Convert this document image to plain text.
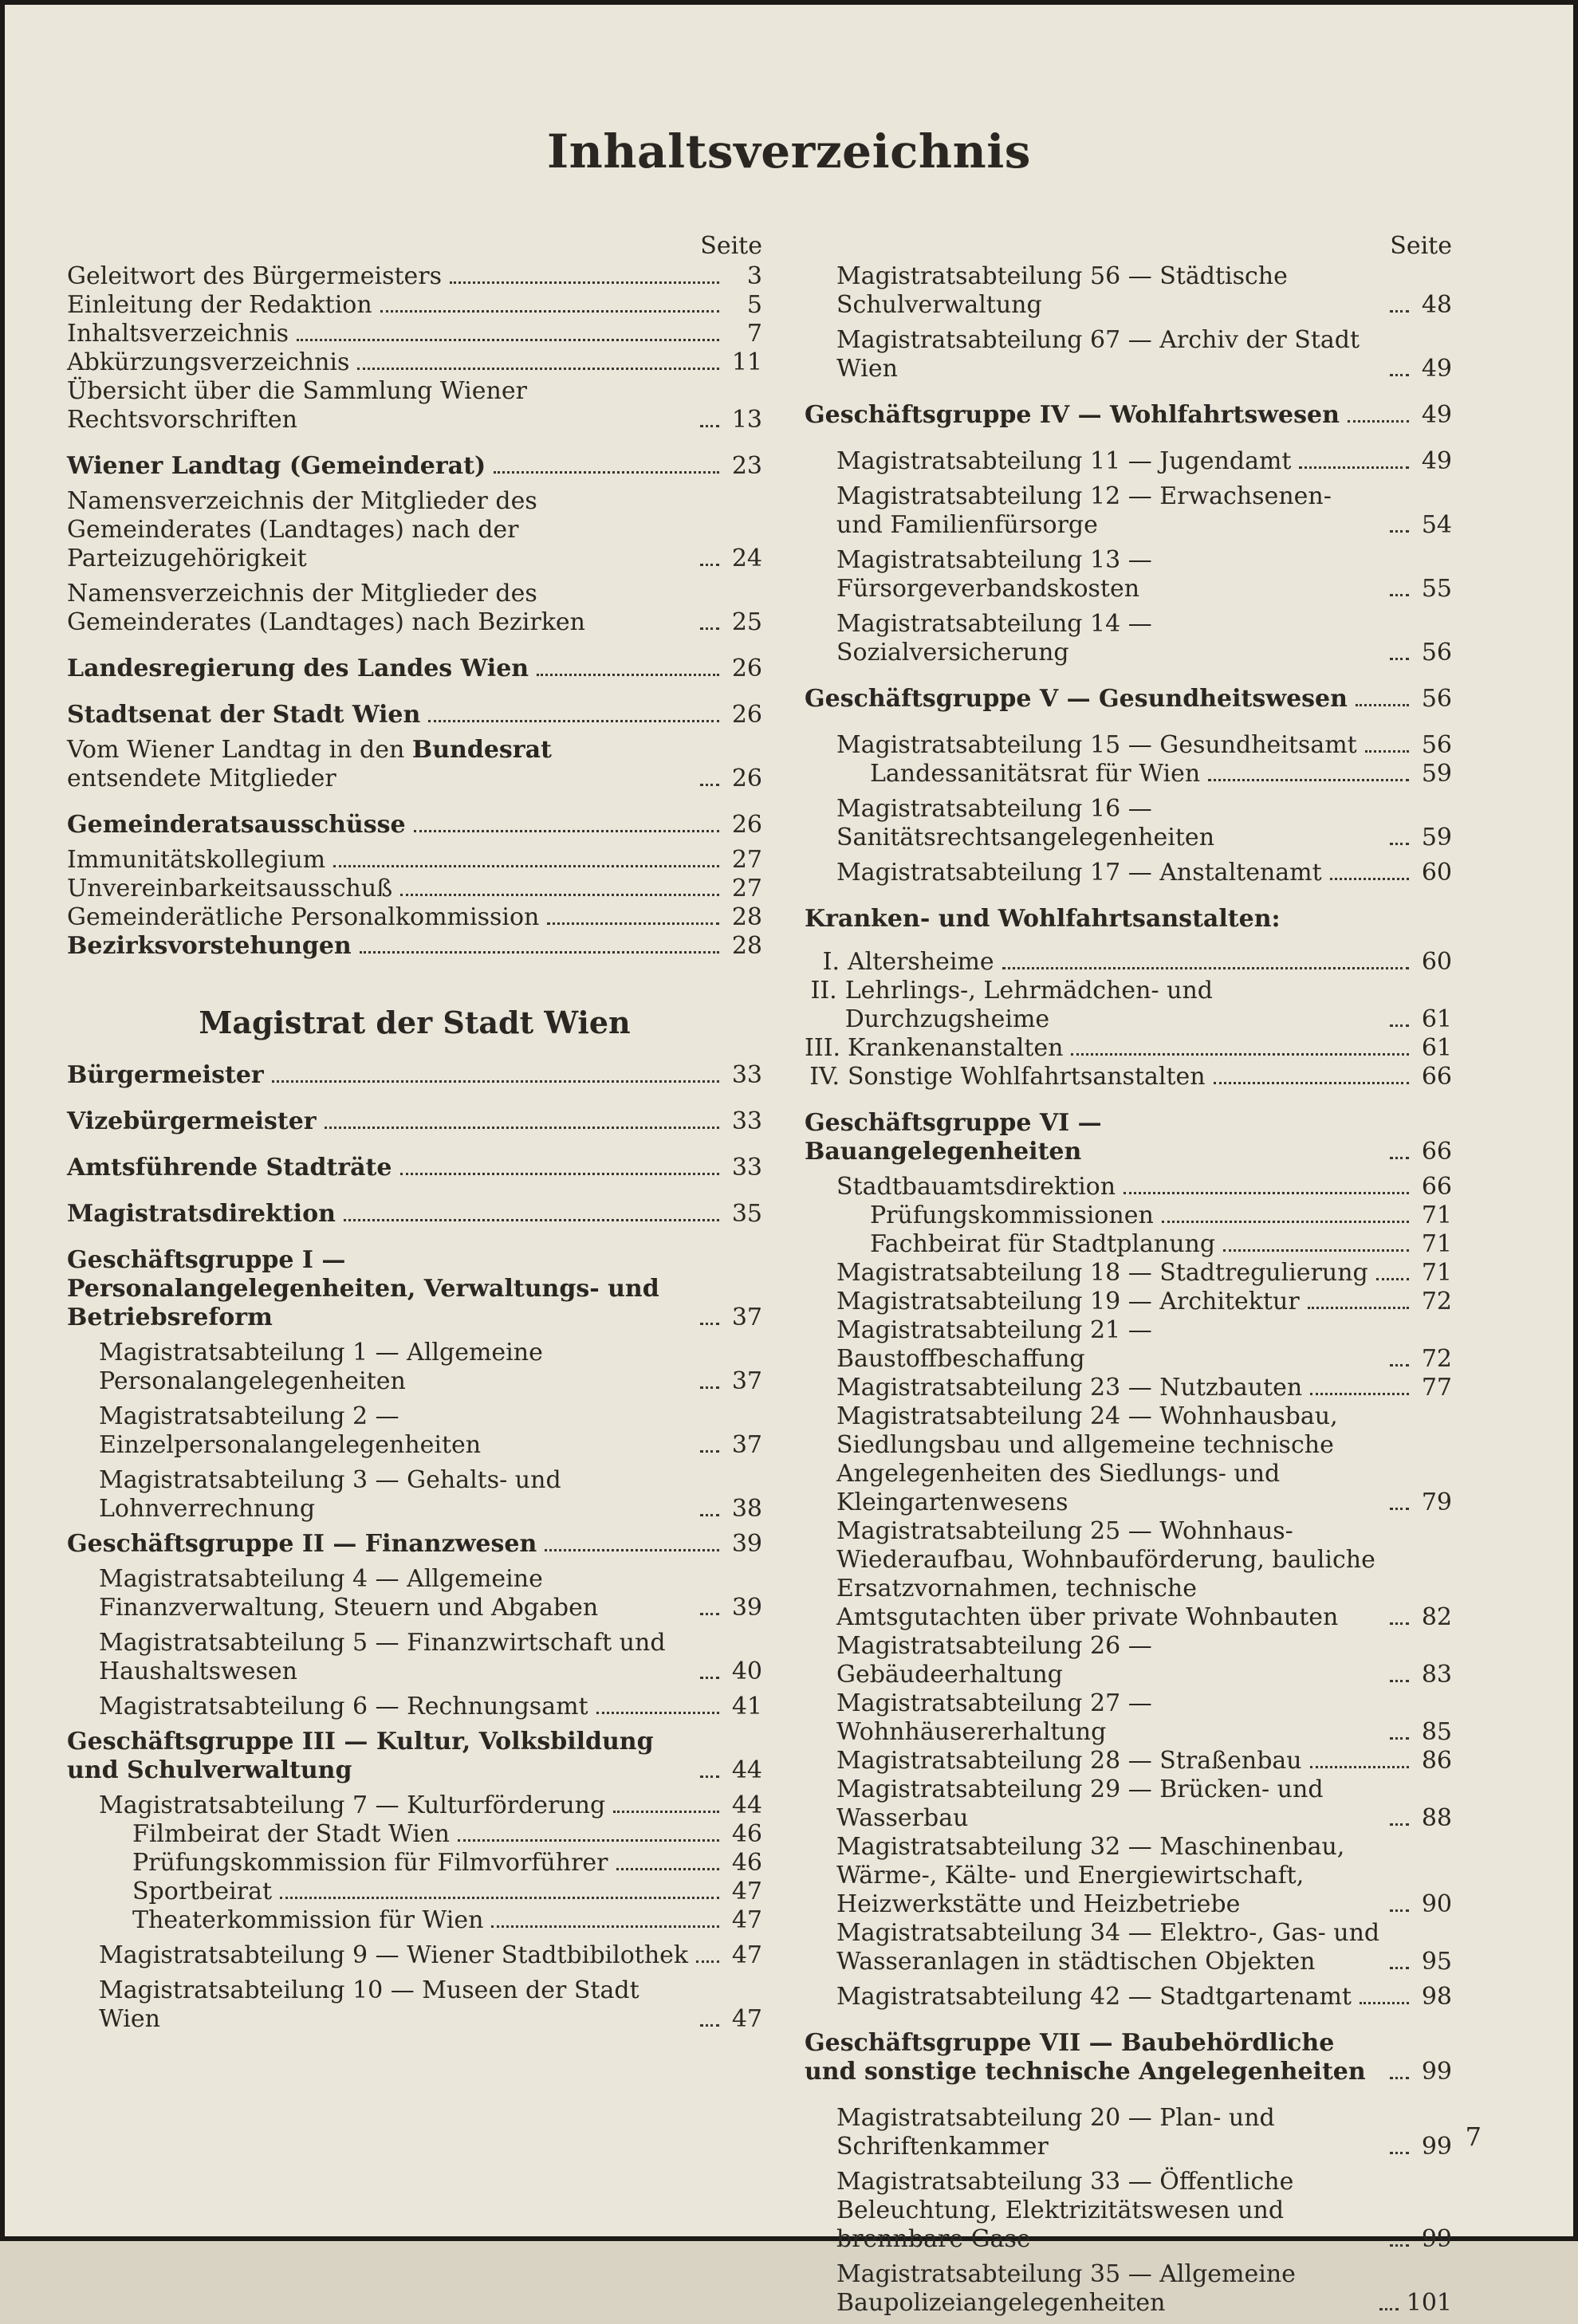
Inhaltsverzeichnis
Seite
Geleitwort des Bürgermeisters	3
Einleitung der Redaktion	5
Inhaltsverzeichnis	7
Abkürzungsverzeichnis	11
Übersicht über die Sammlung Wiener Rechtsvorschriften	13
Wiener Landtag (Gemeinderat)	23
Namensverzeichnis der Mitglieder des Gemeinderates (Landtages) nach der Parteizugehörigkeit	24
Namensverzeichnis der Mitglieder des Gemeinderates (Landtages) nach Bezirken	25
Landesregierung des Landes Wien	26
Stadtsenat der Stadt Wien	26
Vom Wiener Landtag in den Bundesrat entsendete Mitglieder	26
Gemeinderatsausschüsse	26
Immunitätskollegium	27
Unvereinbarkeitsausschuß	27
Gemeinderätliche Personalkommission	28
Bezirksvorstehungen	28
Magistrat der Stadt Wien
Bürgermeister	33
Vizebürgermeister	33
Amtsführende Stadträte	33
Magistratsdirektion	35
Geschäftsgruppe I — Personalangelegenheiten, Verwaltungs- und Betriebsreform	37
Magistratsabteilung 1 — Allgemeine Personalangelegenheiten	37
Magistratsabteilung 2 — Einzelpersonalangelegenheiten	37
Magistratsabteilung 3 — Gehalts- und Lohnverrechnung	38
Geschäftsgruppe II — Finanzwesen	39
Magistratsabteilung 4 — Allgemeine Finanzverwaltung, Steuern und Abgaben	39
Magistratsabteilung 5 — Finanzwirtschaft und Haushaltswesen	40
Magistratsabteilung 6 — Rechnungsamt	41
Geschäftsgruppe III — Kultur, Volksbildung und Schulverwaltung	44
Magistratsabteilung 7 — Kulturförderung	44
Filmbeirat der Stadt Wien	46
Prüfungskommission für Filmvorführer	46
Sportbeirat	47
Theaterkommission für Wien	47
Magistratsabteilung 9 — Wiener Stadtbibilothek 47
Magistratsabteilung 10 — Museen der Stadt Wien	47
Seite
Magistratsabteilung 56 — Städtische Schulverwaltung	48
Magistratsabteilung 67 — Archiv der Stadt Wien	49
Geschäftsgruppe IV — Wohlfahrtswesen	49
Magistratsabteilung 11 — Jugendamt	49
Magistratsabteilung 12 — Erwachsenen- und Familienfürsorge	54
Magistratsabteilung 13 — Fürsorgeverbandskosten	55
Magistratsabteilung 14 — Sozialversicherung	56
Geschäftsgruppe V — Gesundheitswesen	56
Magistratsabteilung 15 — Gesundheitsamt	56
Landessanitätsrat für Wien	59
Magistratsabteilung 16 — Sanitätsrechtsangelegenheiten	59
Magistratsabteilung 17 — Anstaltenamt	60
Kranken- und Wohlfahrtsanstalten:
I. Altersheime	60
II. Lehrlings-, Lehrmädchen- und Durchzugsheime	61
III. Krankenanstalten	61
IV. Sonstige Wohlfahrtsanstalten	66
Geschäftsgruppe VI — Bauangelegenheiten	66
Stadtbauamtsdirektion	66
Prüfungskommissionen	71
Fachbeirat für Stadtplanung	71
Magistratsabteilung 18 — Stadtregulierung 71
Magistratsabteilung 19 — Architektur	72
Magistratsabteilung 21 — Baustoffbeschaffung	72
Magistratsabteilung 23 — Nutzbauten	77
Magistratsabteilung 24 — Wohnhausbau, Siedlungsbau und allgemeine technische Angelegenheiten des Siedlungs- und Kleingartenwesens	79
Magistratsabteilung 25 — Wohnhaus-Wiederaufbau, Wohnbauförderung, bauliche Ersatzvornahmen, technische Amtsgutachten über private Wohnbauten	82
Magistratsabteilung 26 — Gebäudeerhaltung	83
Magistratsabteilung 27 — Wohnhäusererhaltung	85
Magistratsabteilung 28 — Straßenbau	86
Magistratsabteilung 29 — Brücken- und Wasserbau	88
Magistratsabteilung 32 — Maschinenbau, Wärme-, Kälte- und Energiewirtschaft, Heizwerkstätte und Heizbetriebe	90
Magistratsabteilung 34 — Elektro-, Gas- und Wasseranlagen in städtischen Objekten	95
Magistratsabteilung 42 — Stadtgartenamt	98
Geschäftsgruppe VII — Baubehördliche und sonstige technische Angelegenheiten	99
Magistratsabteilung 20 — Plan- und Schriftenkammer	99
Magistratsabteilung 33 — Öffentliche Beleuchtung, Elektrizitätswesen und brennbare Gase	99
Magistratsabteilung 35 — Allgemeine Baupolizeiangelegenheiten	101
7
